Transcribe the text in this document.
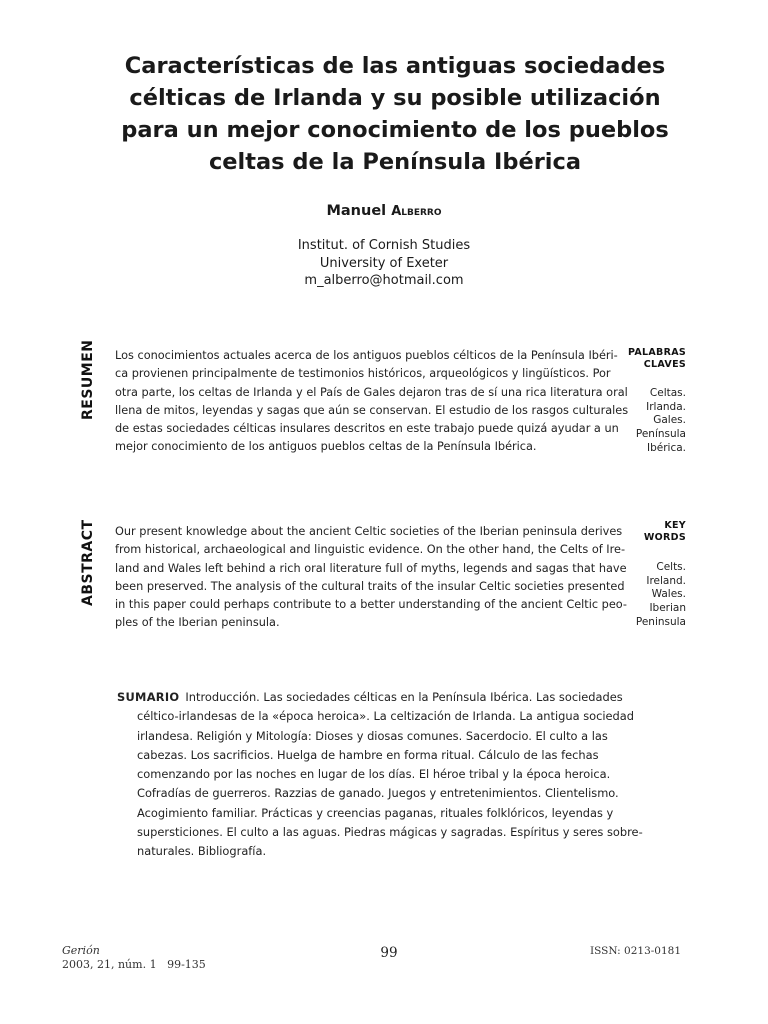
Características de las antiguas sociedades
célticas de Irlanda y su posible utilización
para un mejor conocimiento de los pueblos
celtas de la Península Ibérica
Manuel Alberro
Institut. of Cornish Studies
University of Exeter
m_alberro@hotmail.com
RESUMEN Los conocimientos actuales acerca de los antiguos pueblos célticos de la Península Ibéri-
ca provienen principalmente de testimonios históricos, arqueológicos y lingüísticos. Por
otra parte, los celtas de Irlanda y el País de Gales dejaron tras de sí una rica literatura oral
llena de mitos, leyendas y sagas que aún se conservan. El estudio de los rasgos culturales
de estas sociedades célticas insulares descritos en este trabajo puede quizá ayudar a un
mejor conocimiento de los antiguos pueblos celtas de la Península Ibérica.
PALABRAS
CLAVES
Celtas.
Irlanda.
Gales.
Península
Ibérica.
ABSTRACT Our present knowledge about the ancient Celtic societies of the Iberian peninsula derives
from historical, archaeological and linguistic evidence. On the other hand, the Celts of Ire-
land and Wales left behind a rich oral literature full of myths, legends and sagas that have
been preserved. The analysis of the cultural traits of the insular Celtic societies presented
in this paper could perhaps contribute to a better understanding of the ancient Celtic peo-
ples of the Iberian peninsula.
KEY
WORDS
Celts.
Ireland.
Wales.
Iberian
Peninsula
SUMARIO Introducción. Las sociedades célticas en la Península Ibérica. Las sociedades
céltico-irlandesas de la «época heroica». La celtización de Irlanda. La antigua sociedad
irlandesa. Religión y Mitología: Dioses y diosas comunes. Sacerdocio. El culto a las
cabezas. Los sacrificios. Huelga de hambre en forma ritual. Cálculo de las fechas
comenzando por las noches en lugar de los días. El héroe tribal y la época heroica.
Cofradías de guerreros. Razzias de ganado. Juegos y entretenimientos. Clientelismo.
Acogimiento familiar. Prácticas y creencias paganas, rituales folklóricos, leyendas y
supersticiones. El culto a las aguas. Piedras mágicas y sagradas. Espíritus y seres sobre-
naturales. Bibliografía.
Gerión
2003, 21, núm. 1 99-135
99	ISSN: 0213-0181
